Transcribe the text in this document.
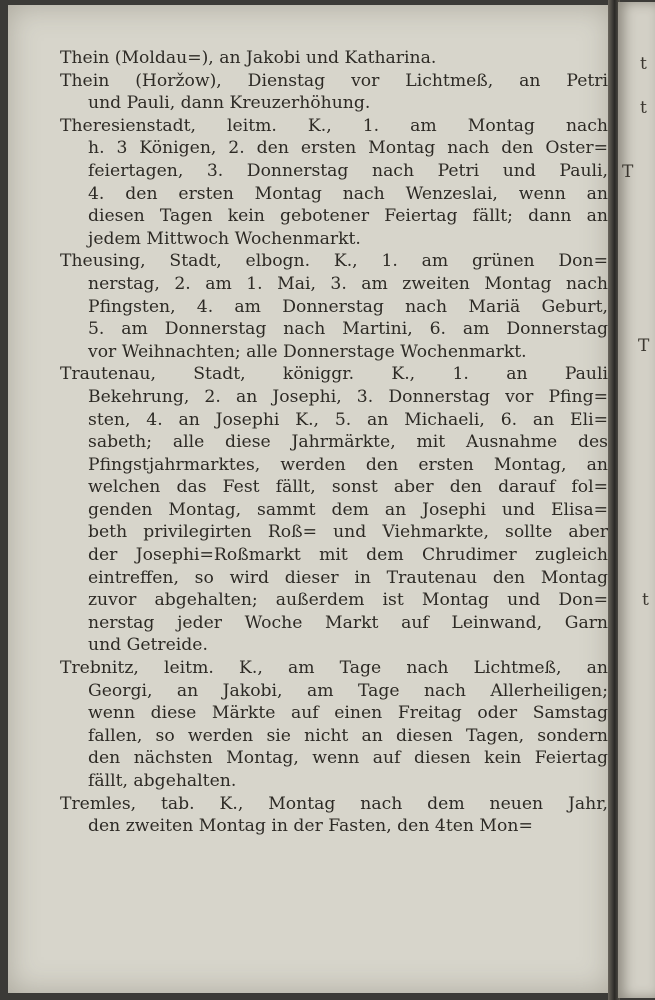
Thein (Moldau=), an Jakobi und Katharina.
Thein (Horžow), Dienstag vor Lichtmeß, an Petri
und Pauli, dann Kreuzerhöhung.
Theresienstadt, leitm. K., 1. am Montag nach
h. 3 Königen, 2. den ersten Montag nach den Oster=
feiertagen, 3. Donnerstag nach Petri und Pauli,
4. den ersten Montag nach Wenzeslai, wenn an
diesen Tagen kein gebotener Feiertag fällt; dann an
jedem Mittwoch Wochenmarkt.
Theusing, Stadt, elbogn. K., 1. am grünen Don=
nerstag, 2. am 1. Mai, 3. am zweiten Montag nach
Pfingsten, 4. am Donnerstag nach Mariä Geburt,
5. am Donnerstag nach Martini, 6. am Donnerstag
vor Weihnachten; alle Donnerstage Wochenmarkt.
Trautenau, Stadt, königgr. K., 1. an Pauli
Bekehrung, 2. an Josephi, 3. Donnerstag vor Pfing=
sten, 4. an Josephi K., 5. an Michaeli, 6. an Eli=
sabeth; alle diese Jahrmärkte, mit Ausnahme des
Pfingstjahrmarktes, werden den ersten Montag, an
welchen das Fest fällt, sonst aber den darauf fol=
genden Montag, sammt dem an Josephi und Elisa=
beth privilegirten Roß= und Viehmarkte, sollte aber
der Josephi=Roßmarkt mit dem Chrudimer zugleich
eintreffen, so wird dieser in Trautenau den Montag
zuvor abgehalten; außerdem ist Montag und Don=
nerstag jeder Woche Markt auf Leinwand, Garn
und Getreide.
Trebnitz, leitm. K., am Tage nach Lichtmeß, an
Georgi, an Jakobi, am Tage nach Allerheiligen;
wenn diese Märkte auf einen Freitag oder Samstag
fallen, so werden sie nicht an diesen Tagen, sondern
den nächsten Montag, wenn auf diesen kein Feiertag
fällt, abgehalten.
Tremles, tab. K., Montag nach dem neuen Jahr,
den zweiten Montag in der Fasten, den 4ten Mon=
t
t
T
T
t
